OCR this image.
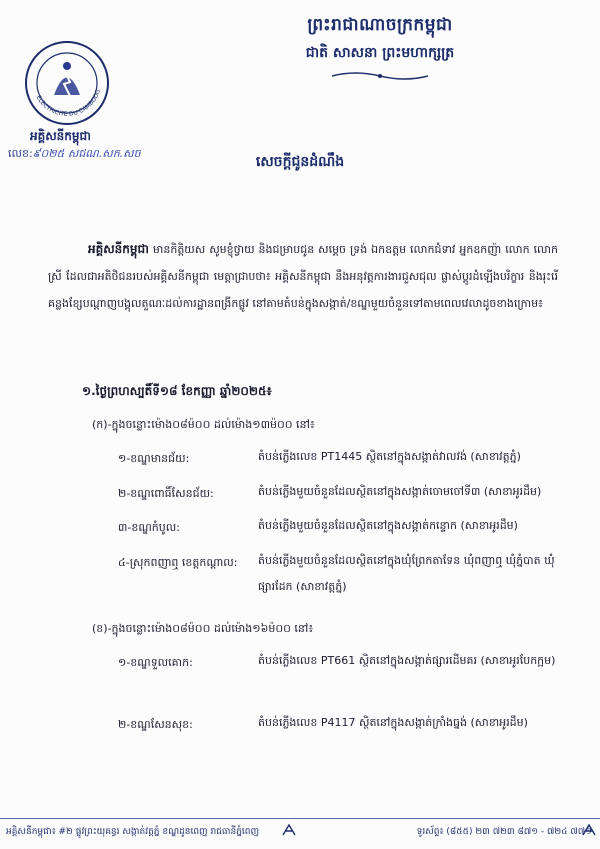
ព្រះរាជាណាចក្រកម្ពុជា
ជាតិ សាសនា ព្រះមហាក្សត្រ
ELECTRICITE DU CAMBODG
អគ្គិសនីកម្ពុជា
លេខ:៩០២៥ សជណ.សក.សច
សេចក្តីជូនដំណឹង
អគ្គិសនីកម្ពុជា មានកិត្តិយស សូមខ្ញុំថ្វាយ និងជម្រាបជូន សម្តេច ទ្រង់ ឯកឧត្តម លោកជំទាវ អ្នកឧកញ៉ា លោក លោកស្រី ដែលជាអតិថិជនរបស់អគ្គិសនីកម្ពុជា មេត្តាជ្រាបថា៖ អគ្គិសនីកម្ពុជា នឹងអនុវត្តការងារជួសជុល ផ្លាស់ប្តូរដំឡើងបរិក្ខារ និងរុះរើគន្លងខ្សែបណ្តាញបង្គុលតួណៈដល់ការដ្ឋានពង្រីកផ្លូវ នៅតាមតំបន់ក្នុងសង្កាត់/ខណ្ឌមួយចំនួនទៅតាមពេលវេលាដូចខាងក្រោម៖
១.ថ្ងៃព្រហស្បតិ៍ទី១៨ ខែកញ្ញា ឆ្នាំ២០២៥៖
(ក)-ក្នុងចន្លោះម៉ោង០៨ម៉០០ ដល់ម៉ោង១៣ម៉០០ នៅ៖
១-ខណ្ឌមានជ័យ:	តំបន់ភ្លើងលេខ PT1445 ស្ថិតនៅក្នុងសង្កាត់វាលវង់ (សាខាវត្តភ្នំ)
២-ខណ្ឌពោធិ៍សែនជ័យ:	តំបន់ភ្លើងមួយចំនួនដែលស្ថិតនៅក្នុងសង្កាត់ចោមចៅទី៣ (សាខាអូរដឹម)
៣-ខណ្ឌកំបូល:	តំបន់ភ្លើងមួយចំនួនដែលស្ថិតនៅក្នុងសង្កាត់កន្ទោក (សាខាអូរដឹម)
៤-ស្រុកពញាឮ ខេត្តកណ្តាល: តំបន់ភ្លើងមួយចំនួនដែលស្ថិតនៅក្នុងឃុំព្រែកតាទែន ឃុំពញាឮ ឃុំភ្នំបាត ឃុំផ្សារដែក (សាខាវត្តភ្នំ)
(ខ)-ក្នុងចន្លោះម៉ោង០៨ម៉០០ ដល់ម៉ោង១៦ម៉០០ នៅ៖
១-ខណ្ឌទួលគោក:	តំបន់ភ្លើងលេខ PT661 ស្ថិតនៅក្នុងសង្កាត់ផ្សារដើមគរ (សាខាអូរបែកក្អម)
២-ខណ្ឌសែនសុខ:	តំបន់ភ្លើងលេខ P4117 ស្ថិតនៅក្នុងសង្កាត់ក្រាំងធ្នង់ (សាខាអូរដឹម)
អគ្គិសនីកម្ពុជា៖ #២ ផ្លូវព្រះយុគន្ធរ សង្កាត់វត្តភ្នំ ខណ្ឌដូនពេញ រាជធានីភ្នំពេញ	ទូរស័ព្ទ៖ (៨៥៥) ២៣ ៧២៣ ៨៧១ - ៧២៤ ៧៧១
